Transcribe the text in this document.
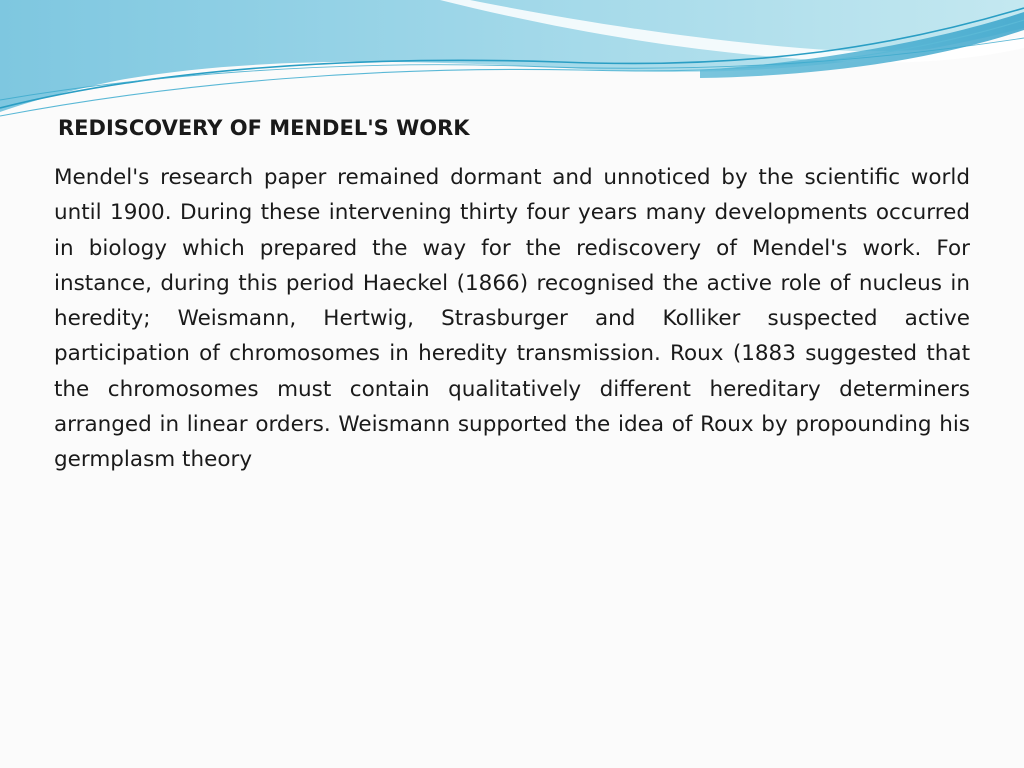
REDISCOVERY OF MENDEL'S WORK

Mendel's research paper remained dormant and unnoticed by the scientific world until 1900. During these intervening thirty four years many developments occurred in biology which prepared the way for the rediscovery of Mendel's work. For instance, during this period Haeckel (1866) recognised the active role of nucleus in heredity; Weismann, Hertwig, Strasburger and Kolliker suspected active participation of chromosomes in heredity transmission. Roux (1883 suggested that the chromosomes must contain qualitatively different hereditary determiners arranged in linear orders. Weismann supported the idea of Roux by propounding his germplasm theory
